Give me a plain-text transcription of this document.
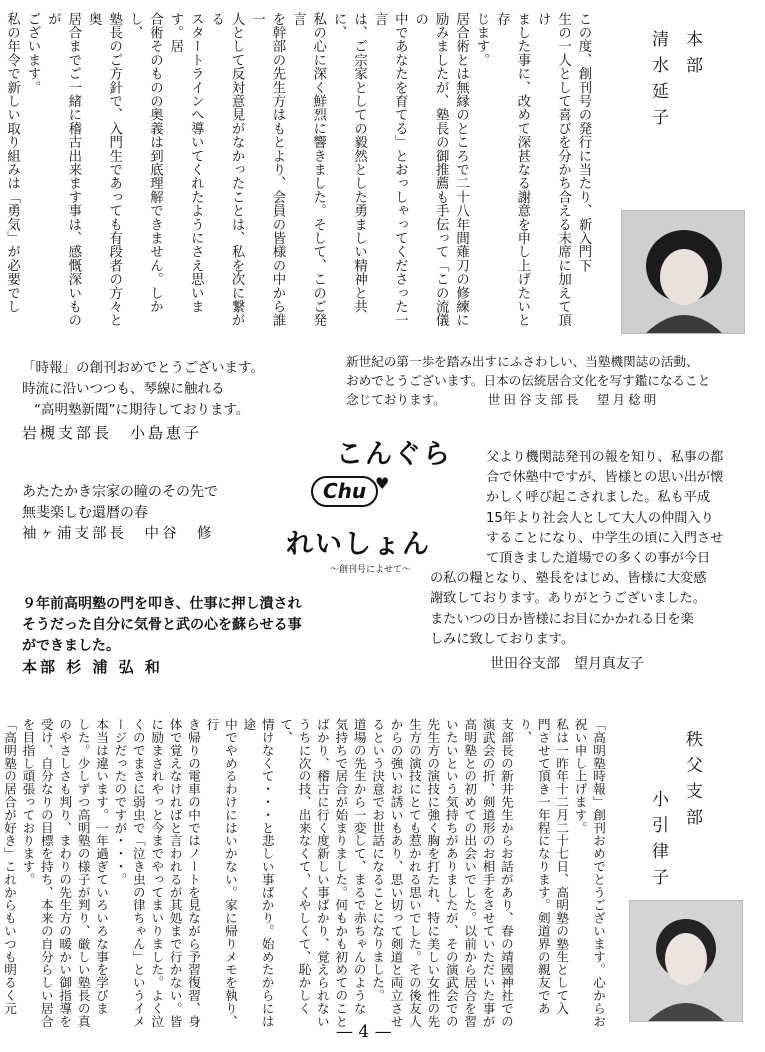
この度、創刊号の発行に当たり、新入門下
生の一人として喜びを分かち合える末席に加えて頂け
ました事に、改めて深甚なる謝意を申し上げたいと存
じます。
居合術とは無縁のところで二十八年間薙刀の修練に
励みましたが、塾長の御推薦も手伝って「この流儀の
中であなたを育てる」とおっしゃってくださった一言
は、ご宗家としての毅然とした勇ましい精神と共に、
私の心に深く鮮烈に響きました。そして、このご発言
を幹部の先生方はもとより、会員の皆様の中から誰一
人として反対意見がなかったことは、私を次に繋がる
スタートラインへ導いてくれたようにさえ思います。居
合術そのものの奥義は到底理解できません。しかし、
塾長のご方針で、入門生であっても有段者の方々と奥
居合までご一緒に稽古出来ます事は、感慨深いものが
ございます。
私の年令で新しい取り組みは「勇気」が必要でし
本部
清水延子
「時報」の創刊おめでとうございます。
時流に沿いつつも、琴線に触れる
“高明塾新聞”に期待しております。
岩槻支部長　小島恵子
新世紀の第一歩を踏み出すにふさわしい、当塾機関誌の活動、
おめでとうございます。日本の伝統居合文化を写す鑑になること
念じております。	世田谷支部長　望月稔明
こんぐら
Chu ♥
れいしょん
〜創刊号によせて〜
あたたかき宗家の瞳のその先で
無斐楽しむ還暦の春
袖ヶ浦支部長　中谷　修
父より機関誌発刊の報を知り、私事の都
合で休塾中ですが、皆様との思い出が懐
かしく呼び起こされました。私も平成
15年より社会人として大人の仲間入り
することになり、中学生の頃に入門させ
て頂きました道場での多くの事が今日
の私の糧となり、塾長をはじめ、皆様に大変感
謝致しております。ありがとうございました。
またいつの日か皆様にお目にかかれる日を楽
しみに致しております。
世田谷支部　望月真友子
９年前高明塾の門を叩き、仕事に押し潰され
そうだった自分に気骨と武の心を蘇らせる事
ができました。
本部 杉 浦 弘 和
「高明塾時報」創刊おめでとうございます。心からお
祝い申し上げます。
私は一昨年十二月二十七日、高明塾の塾生として入
門させて頂き一年程になります。剣道界の親友であり、
支部長の新井先生からお話があり、春の靖國神社での
演武会の折、剣道形のお相手をさせていただいた事が
高明塾との初めての出会いでした。以前から居合を習
いたいという気持ちがありましたが、その演武会での
先生方の演技に強く胸を打たれ、特に美しい女性の先
生方の演技にとても惹かれる思いでした。その後友人
からの強いお誘いもあり、思い切って剣道と両立させ
るという決意でお世話になることになりました。
道場の先生から一変して、まるで赤ちゃんのような
気持ちで居合が始まりました。何もかも初めてのこと
ばかり、稽古に行く度新しい事ばかり、覚えられない
うちに次の技、出来なくて、くやしくて、恥かしくて、
情けなくて・・・と悲しい事ばかり。始めたからには途
中でやめるわけにはいかない。家に帰りメモを執り、行
き帰りの電車の中ではノートを見ながら予習復習、身
体で覚えなければと言われるが其処まで行かない。皆
に励まされやっと今までやってまいりました。よく泣
くのでまさに弱虫で「泣き虫の律ちゃん」というイメ
ージだったのですが・・・。
本当は違います。一年過ぎていろいろな事を学びま
した。少しずつ高明塾の様子が判り、厳しい塾長の真
のやさしさも判り、まわりの先生方の暖かい御指導を
受け、自分なりの目標を持ち、本来の自分らしい居合
を目指し頑張っております。
「高明塾の居合が好き」これからもいつも明るく元	秩父支部
小引律子
— 4 —
